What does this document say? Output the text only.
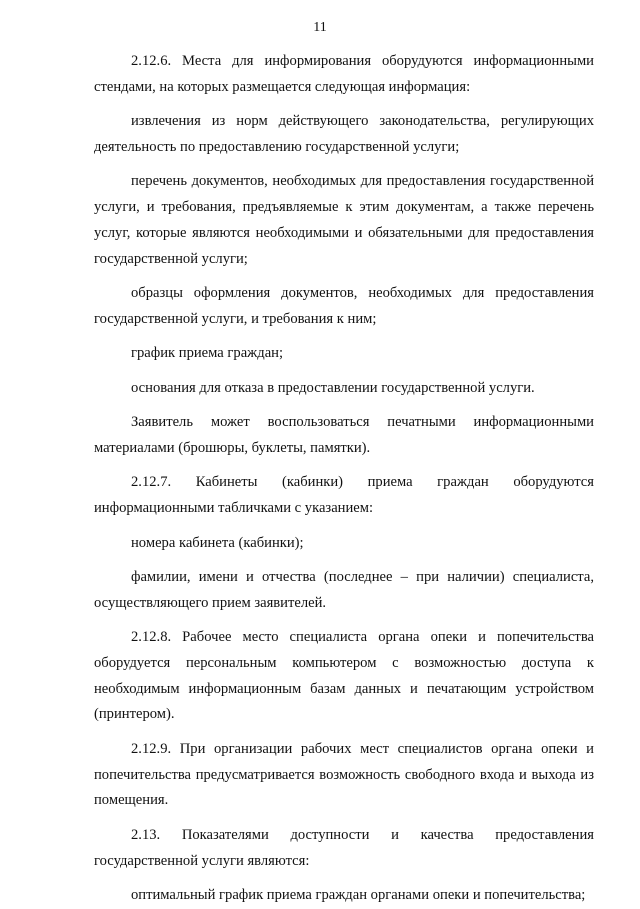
11

2.12.6. Места для информирования оборудуются информационными стендами, на которых размещается следующая информация:

извлечения из норм действующего законодательства, регулирующих деятельность по предоставлению государственной услуги;

перечень документов, необходимых для предоставления государственной услуги, и требования, предъявляемые к этим документам, а также перечень услуг, которые являются необходимыми и обязательными для предоставления государственной услуги;

образцы оформления документов, необходимых для предоставления государственной услуги, и требования к ним;

график приема граждан;

основания для отказа в предоставлении государственной услуги.

Заявитель может воспользоваться печатными информационными материалами (брошюры, буклеты, памятки).

2.12.7. Кабинеты (кабинки) приема граждан оборудуются информационными табличками с указанием:

номера кабинета (кабинки);

фамилии, имени и отчества (последнее – при наличии) специалиста, осуществляющего прием заявителей.

2.12.8. Рабочее место специалиста органа опеки и попечительства оборудуется персональным компьютером с возможностью доступа к необходимым информационным базам данных и печатающим устройством (принтером).

2.12.9. При организации рабочих мест специалистов органа опеки и попечительства предусматривается возможность свободного входа и выхода из помещения.

2.13. Показателями доступности и качества предоставления государственной услуги являются:

оптимальный график приема граждан органами опеки и попечительства;
